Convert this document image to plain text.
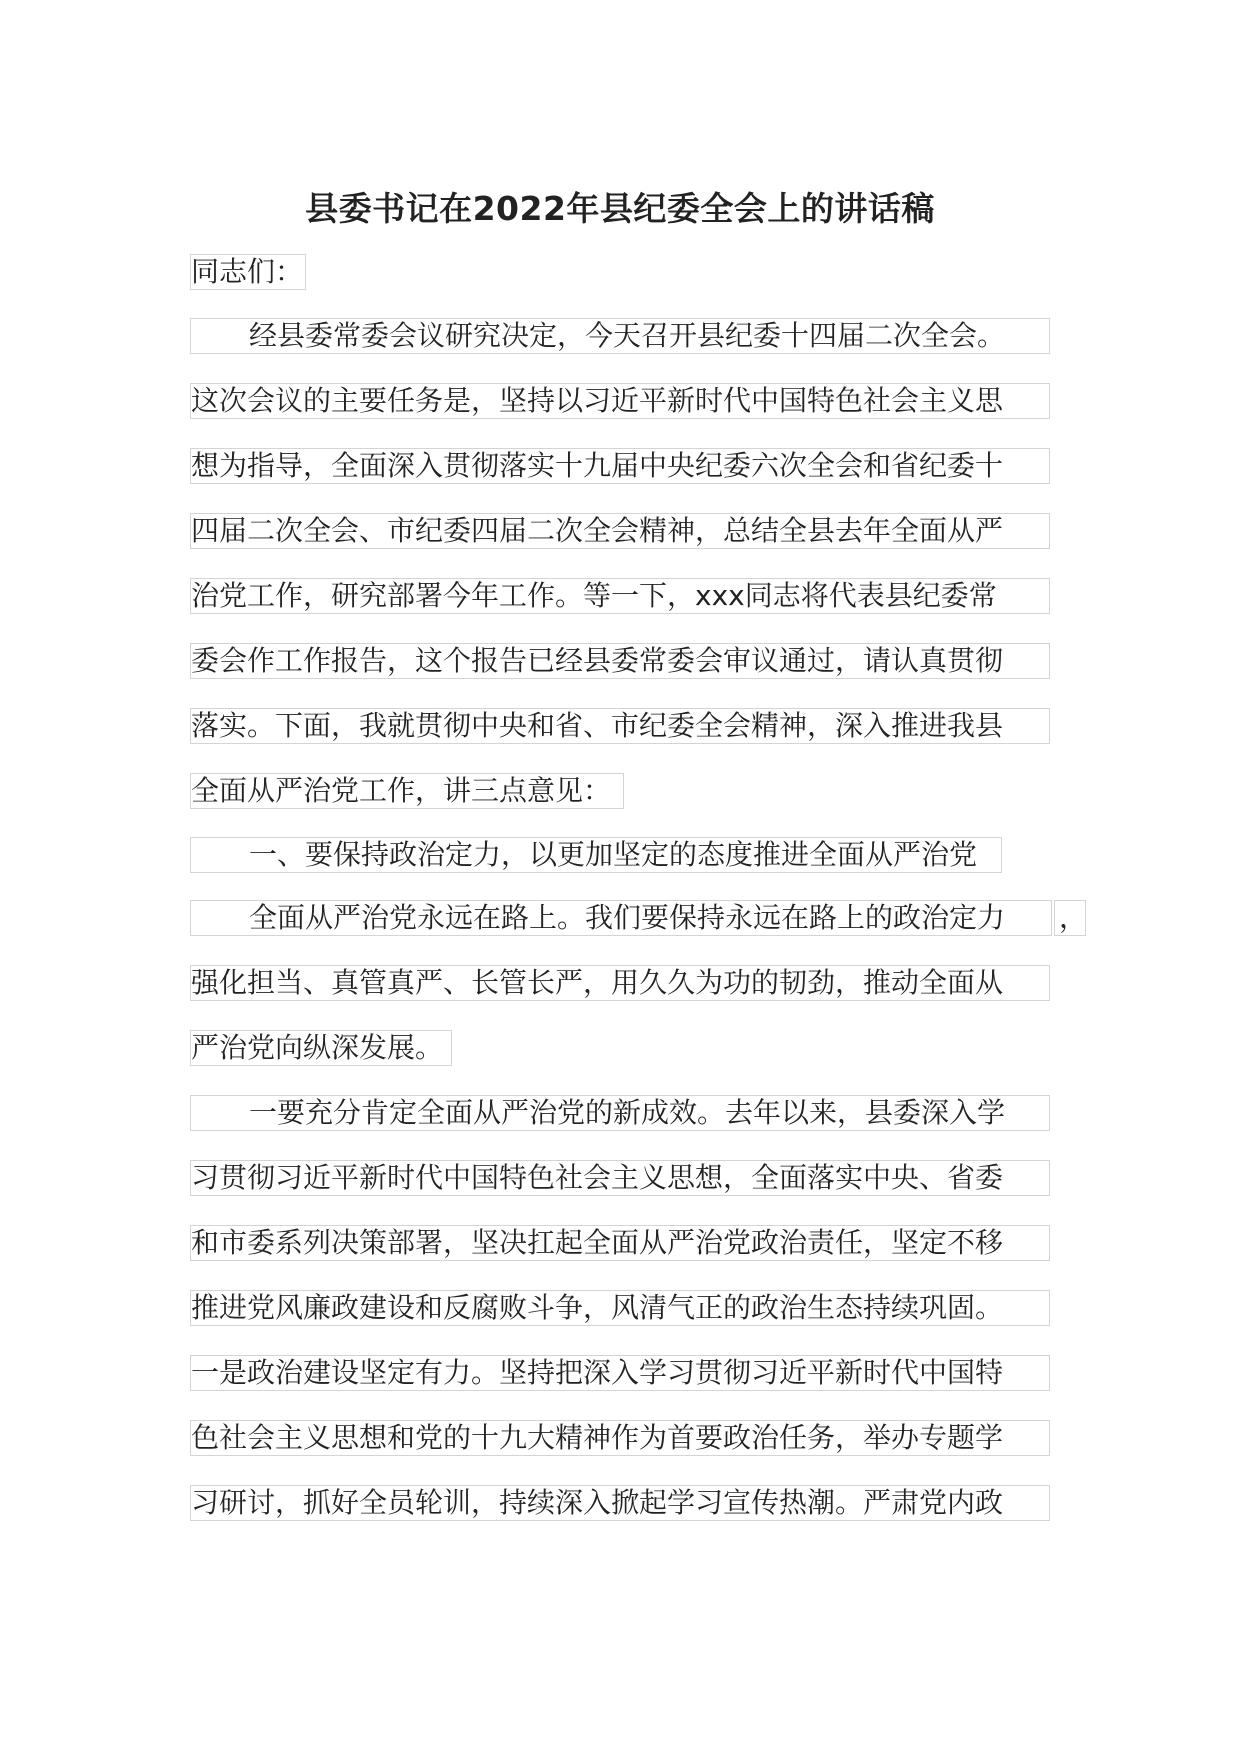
县委书记在2022年县纪委全会上的讲话稿
同志们：
经县委常委会议研究决定，今天召开县纪委十四届二次全会。
这次会议的主要任务是，坚持以习近平新时代中国特色社会主义思
想为指导，全面深入贯彻落实十九届中央纪委六次全会和省纪委十
四届二次全会、市纪委四届二次全会精神，总结全县去年全面从严
治党工作，研究部署今年工作。等一下，xxx同志将代表县纪委常
委会作工作报告，这个报告已经县委常委会审议通过，请认真贯彻
落实。下面，我就贯彻中央和省、市纪委全会精神，深入推进我县
全面从严治党工作，讲三点意见：
一、要保持政治定力，以更加坚定的态度推进全面从严治党
全面从严治党永远在路上。我们要保持永远在路上的政治定力	，
强化担当、真管真严、长管长严，用久久为功的韧劲，推动全面从
严治党向纵深发展。
一要充分肯定全面从严治党的新成效。去年以来，县委深入学
习贯彻习近平新时代中国特色社会主义思想，全面落实中央、省委
和市委系列决策部署，坚决扛起全面从严治党政治责任，坚定不移
推进党风廉政建设和反腐败斗争，风清气正的政治生态持续巩固。
一是政治建设坚定有力。坚持把深入学习贯彻习近平新时代中国特
色社会主义思想和党的十九大精神作为首要政治任务，举办专题学
习研讨，抓好全员轮训，持续深入掀起学习宣传热潮。严肃党内政
